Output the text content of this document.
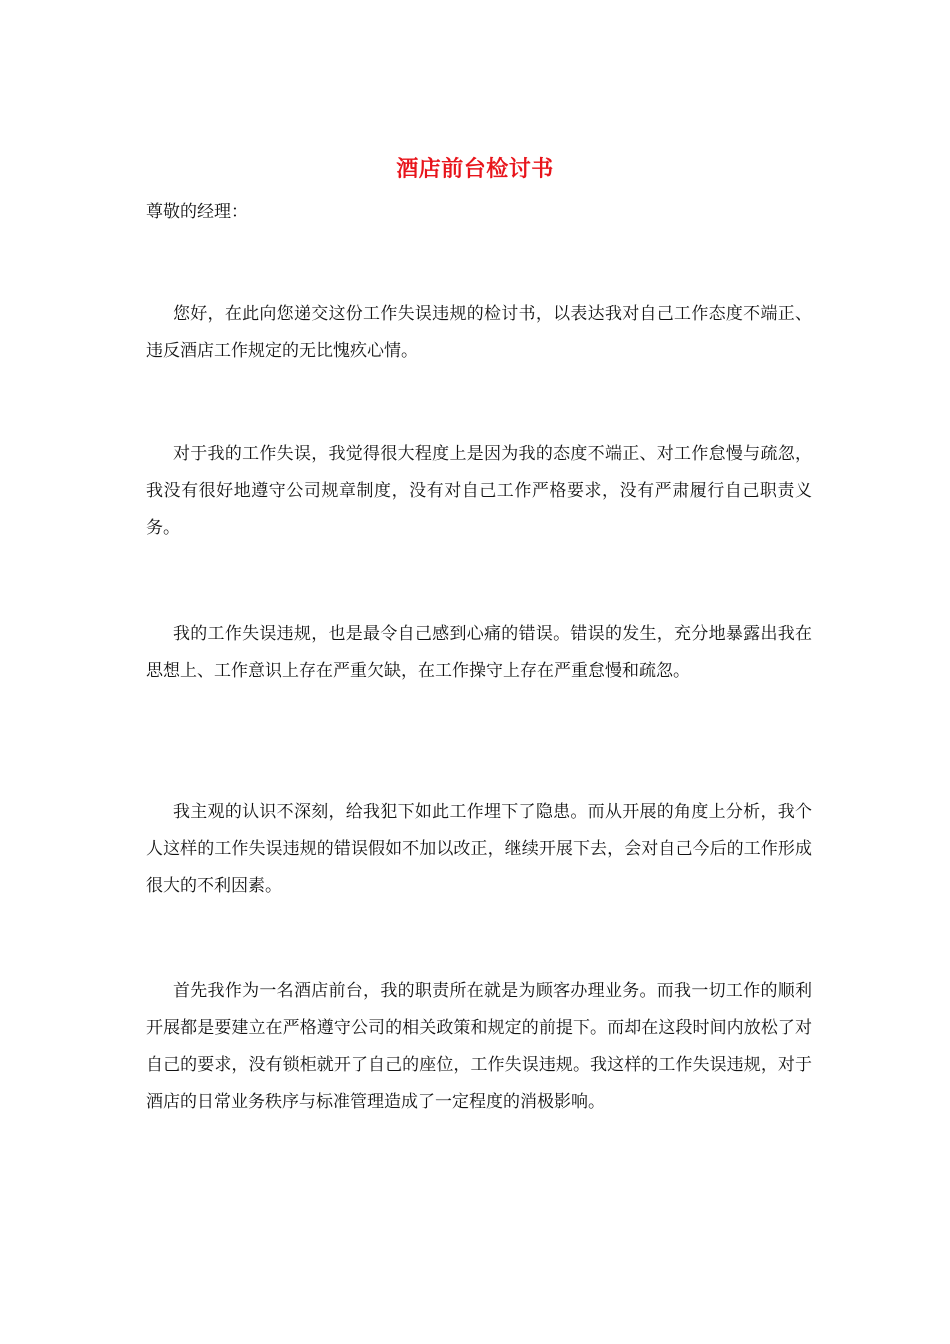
酒店前台检讨书
尊敬的经理：

您好，在此向您递交这份工作失误违规的检讨书，以表达我对自己工作态度不端正、违反酒店工作规定的无比愧疚心情。

对于我的工作失误，我觉得很大程度上是因为我的态度不端正、对工作怠慢与疏忽，我没有很好地遵守公司规章制度，没有对自己工作严格要求，没有严肃履行自己职责义务。

我的工作失误违规，也是最令自己感到心痛的错误。错误的发生，充分地暴露出我在思想上、工作意识上存在严重欠缺，在工作操守上存在严重怠慢和疏忽。

我主观的认识不深刻，给我犯下如此工作埋下了隐患。而从开展的角度上分析，我个人这样的工作失误违规的错误假如不加以改正，继续开展下去，会对自己今后的工作形成很大的不利因素。

首先我作为一名酒店前台，我的职责所在就是为顾客办理业务。而我一切工作的顺利开展都是要建立在严格遵守公司的相关政策和规定的前提下。而却在这段时间内放松了对自己的要求，没有锁柜就开了自己的座位，工作失误违规。我这样的工作失误违规，对于酒店的日常业务秩序与标准管理造成了一定程度的消极影响。
